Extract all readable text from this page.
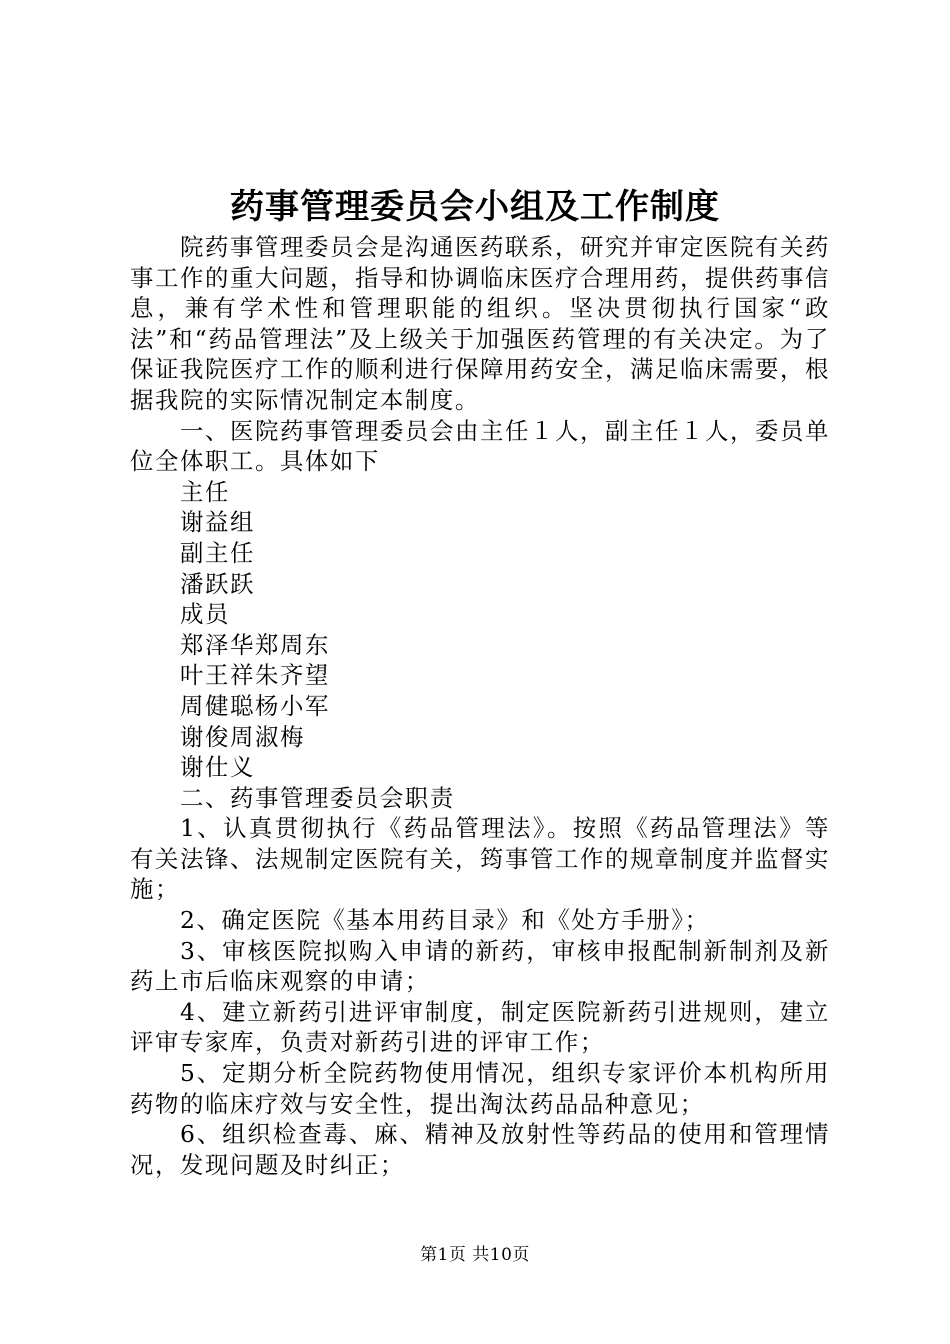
药事管理委员会小组及工作制度

院药事管理委员会是沟通医药联系，研究并审定医院有关药事工作的重大问题，指导和协调临床医疗合理用药，提供药事信息，兼有学术性和管理职能的组织。坚决贯彻执行国家“政法”和“药品管理法”及上级关于加强医药管理的有关决定。为了保证我院医疗工作的顺利进行保障用药安全，满足临床需要，根据我院的实际情况制定本制度。

一、医院药事管理委员会由主任１人，副主任１人，委员单位全体职工。具体如下

主任

谢益组

副主任

潘跃跃

成员

郑泽华郑周东

叶王祥朱齐望

周健聪杨小军

谢俊周淑梅

谢仕义

二、药事管理委员会职责

1、认真贯彻执行《药品管理法》。按照《药品管理法》等有关法锋、法规制定医院有关，筠事管工作的规章制度并监督实施；

2、确定医院《基本用药目录》和《处方手册》；

3、审核医院拟购入申请的新药，审核申报配制新制剂及新药上市后临床观察的申请；

4、建立新药引进评审制度，制定医院新药引进规则，建立评审专家库，负责对新药引进的评审工作；

5、定期分析全院药物使用情况，组织专家评价本机构所用药物的临床疗效与安全性，提出淘汰药品品种意见；

6、组织检查毒、麻、精神及放射性等药品的使用和管理情况，发现问题及时纠正；

第1页 共10页
